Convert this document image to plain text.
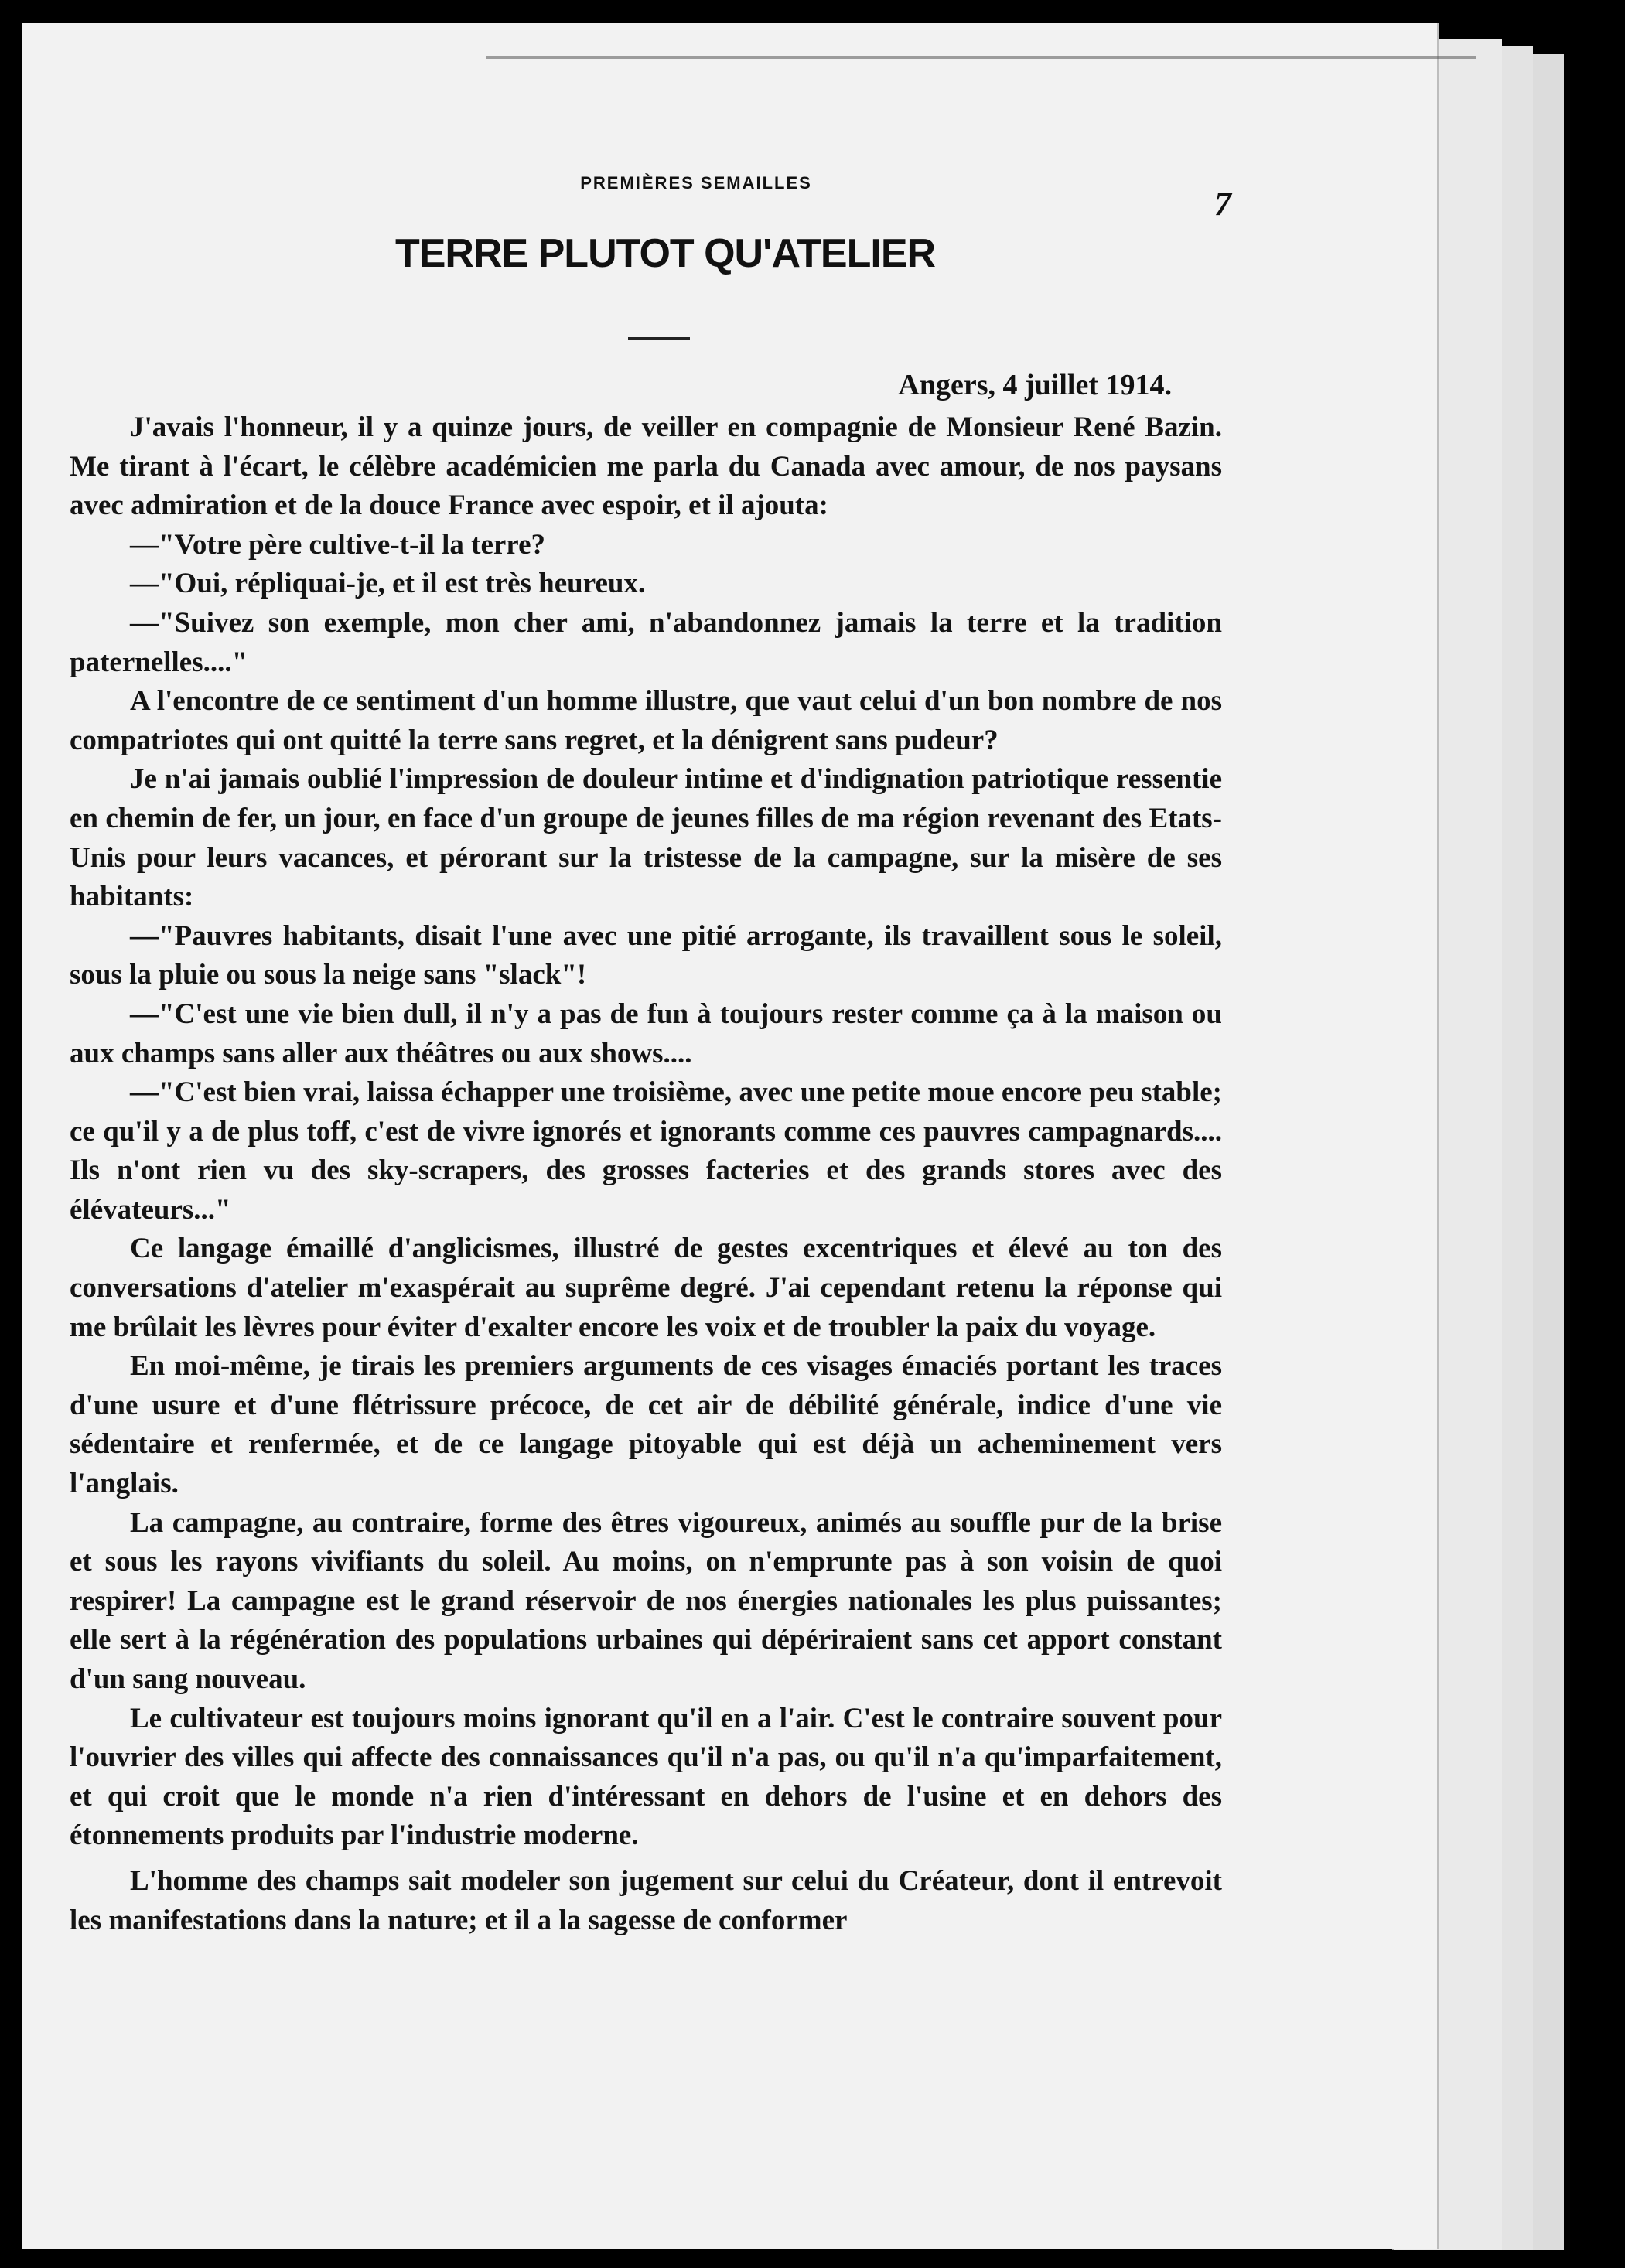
PREMIÈRES SEMAILLES
7
TERRE PLUTOT QU'ATELIER
Angers, 4 juillet 1914.

J'avais l'honneur, il y a quinze jours, de veiller en compagnie de Monsieur René Bazin. Me tirant à l'écart, le célèbre académicien me parla du Canada avec amour, de nos paysans avec admiration et de la douce France avec espoir, et il ajouta:

—"Votre père cultive-t-il la terre?

—"Oui, répliquai-je, et il est très heureux.

—"Suivez son exemple, mon cher ami, n'abandonnez jamais la terre et la tradition paternelles...."

A l'encontre de ce sentiment d'un homme illustre, que vaut celui d'un bon nombre de nos compatriotes qui ont quitté la terre sans regret, et la dénigrent sans pudeur?

Je n'ai jamais oublié l'impression de douleur intime et d'indignation patriotique ressentie en chemin de fer, un jour, en face d'un groupe de jeunes filles de ma région revenant des Etats-Unis pour leurs vacances, et pérorant sur la tristesse de la campagne, sur la misère de ses habitants:

—"Pauvres habitants, disait l'une avec une pitié arrogante, ils travaillent sous le soleil, sous la pluie ou sous la neige sans "slack"!

—"C'est une vie bien dull, il n'y a pas de fun à toujours rester comme ça à la maison ou aux champs sans aller aux théâtres ou aux shows....

—"C'est bien vrai, laissa échapper une troisième, avec une petite moue encore peu stable; ce qu'il y a de plus toff, c'est de vivre ignorés et ignorants comme ces pauvres campagnards.... Ils n'ont rien vu des sky-scrapers, des grosses facteries et des grands stores avec des élévateurs..."

Ce langage émaillé d'anglicismes, illustré de gestes excentriques et élevé au ton des conversations d'atelier m'exaspérait au suprême degré. J'ai cependant retenu la réponse qui me brûlait les lèvres pour éviter d'exalter encore les voix et de troubler la paix du voyage.

En moi-même, je tirais les premiers arguments de ces visages émaciés portant les traces d'une usure et d'une flétrissure précoce, de cet air de débilité générale, indice d'une vie sédentaire et renfermée, et de ce langage pitoyable qui est déjà un acheminement vers l'anglais.

La campagne, au contraire, forme des êtres vigoureux, animés au souffle pur de la brise et sous les rayons vivifiants du soleil. Au moins, on n'emprunte pas à son voisin de quoi respirer! La campagne est le grand réservoir de nos énergies nationales les plus puissantes; elle sert à la régénération des populations urbaines qui dépériraient sans cet apport constant d'un sang nouveau.

Le cultivateur est toujours moins ignorant qu'il en a l'air. C'est le contraire souvent pour l'ouvrier des villes qui affecte des connaissances qu'il n'a pas, ou qu'il n'a qu'imparfaitement, et qui croit que le monde n'a rien d'intéressant en dehors de l'usine et en dehors des étonnements produits par l'industrie moderne.

L'homme des champs sait modeler son jugement sur celui du Créateur, dont il entrevoit les manifestations dans la nature; et il a la sagesse de conformer
